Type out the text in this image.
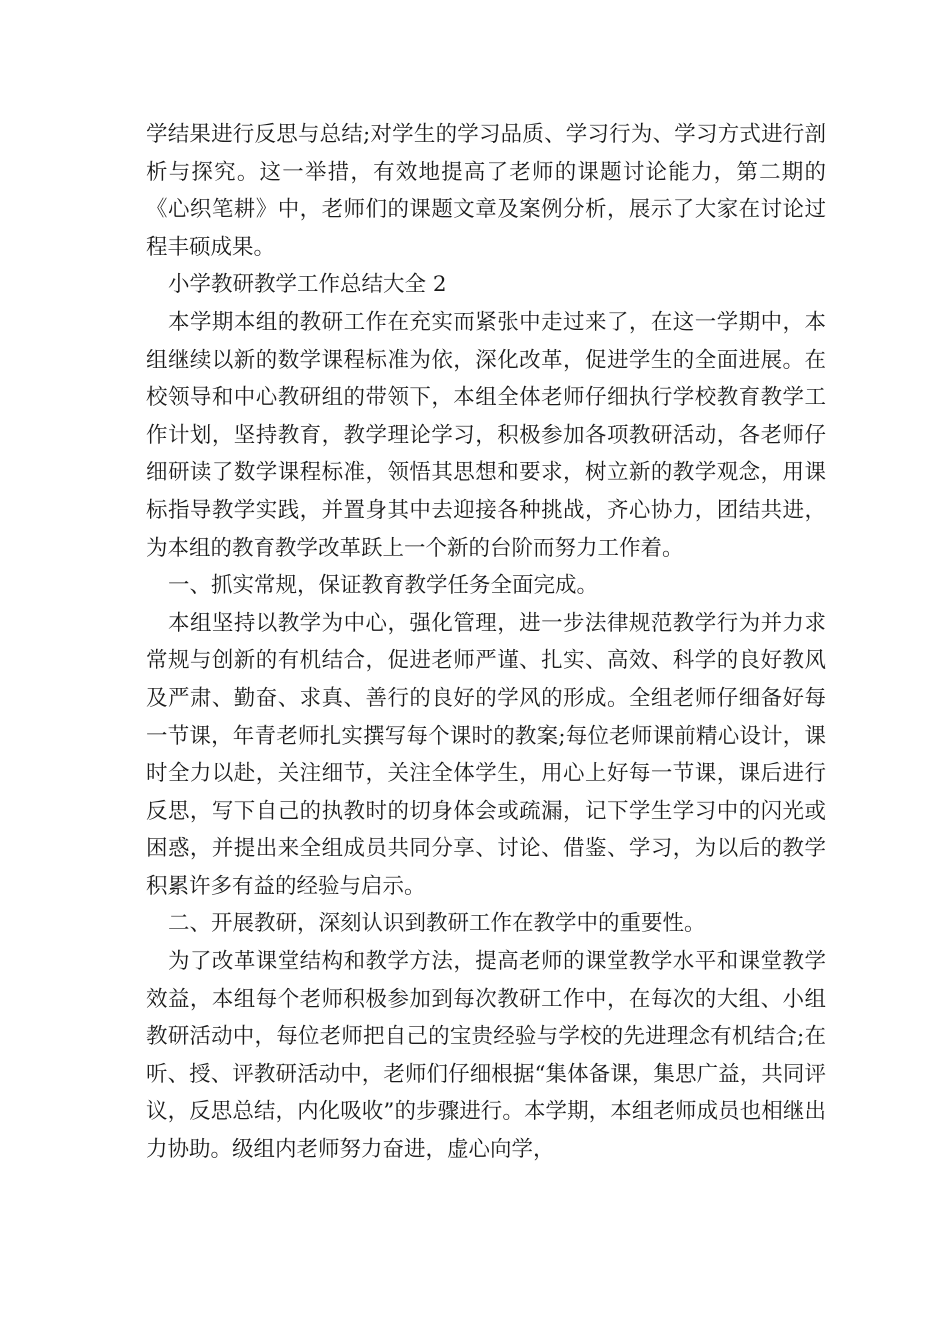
学结果进行反思与总结;对学生的学习品质、学习行为、学习方式进行剖析与探究。这一举措，有效地提高了老师的课题讨论能力，第二期的《心织笔耕》中，老师们的课题文章及案例分析，展示了大家在讨论过程丰硕成果。

小学教研教学工作总结大全 2

本学期本组的教研工作在充实而紧张中走过来了，在这一学期中，本组继续以新的数学课程标准为依，深化改革，促进学生的全面进展。在校领导和中心教研组的带领下，本组全体老师仔细执行学校教育教学工作计划，坚持教育，教学理论学习，积极参加各项教研活动，各老师仔细研读了数学课程标准，领悟其思想和要求，树立新的教学观念，用课标指导教学实践，并置身其中去迎接各种挑战，齐心协力，团结共进，为本组的教育教学改革跃上一个新的台阶而努力工作着。

一、抓实常规，保证教育教学任务全面完成。

本组坚持以教学为中心，强化管理，进一步法律规范教学行为并力求常规与创新的有机结合，促进老师严谨、扎实、高效、科学的良好教风及严肃、勤奋、求真、善行的良好的学风的形成。全组老师仔细备好每一节课，年青老师扎实撰写每个课时的教案;每位老师课前精心设计，课时全力以赴，关注细节，关注全体学生，用心上好每一节课，课后进行反思，写下自己的执教时的切身体会或疏漏，记下学生学习中的闪光或困惑，并提出来全组成员共同分享、讨论、借鉴、学习，为以后的教学积累许多有益的经验与启示。

二、开展教研，深刻认识到教研工作在教学中的重要性。

为了改革课堂结构和教学方法，提高老师的课堂教学水平和课堂教学效益，本组每个老师积极参加到每次教研工作中，在每次的大组、小组教研活动中，每位老师把自己的宝贵经验与学校的先进理念有机结合;在听、授、评教研活动中，老师们仔细根据“集体备课，集思广益，共同评议，反思总结，内化吸收”的步骤进行。本学期，本组老师成员也相继出力协助。级组内老师努力奋进，虚心向学，
